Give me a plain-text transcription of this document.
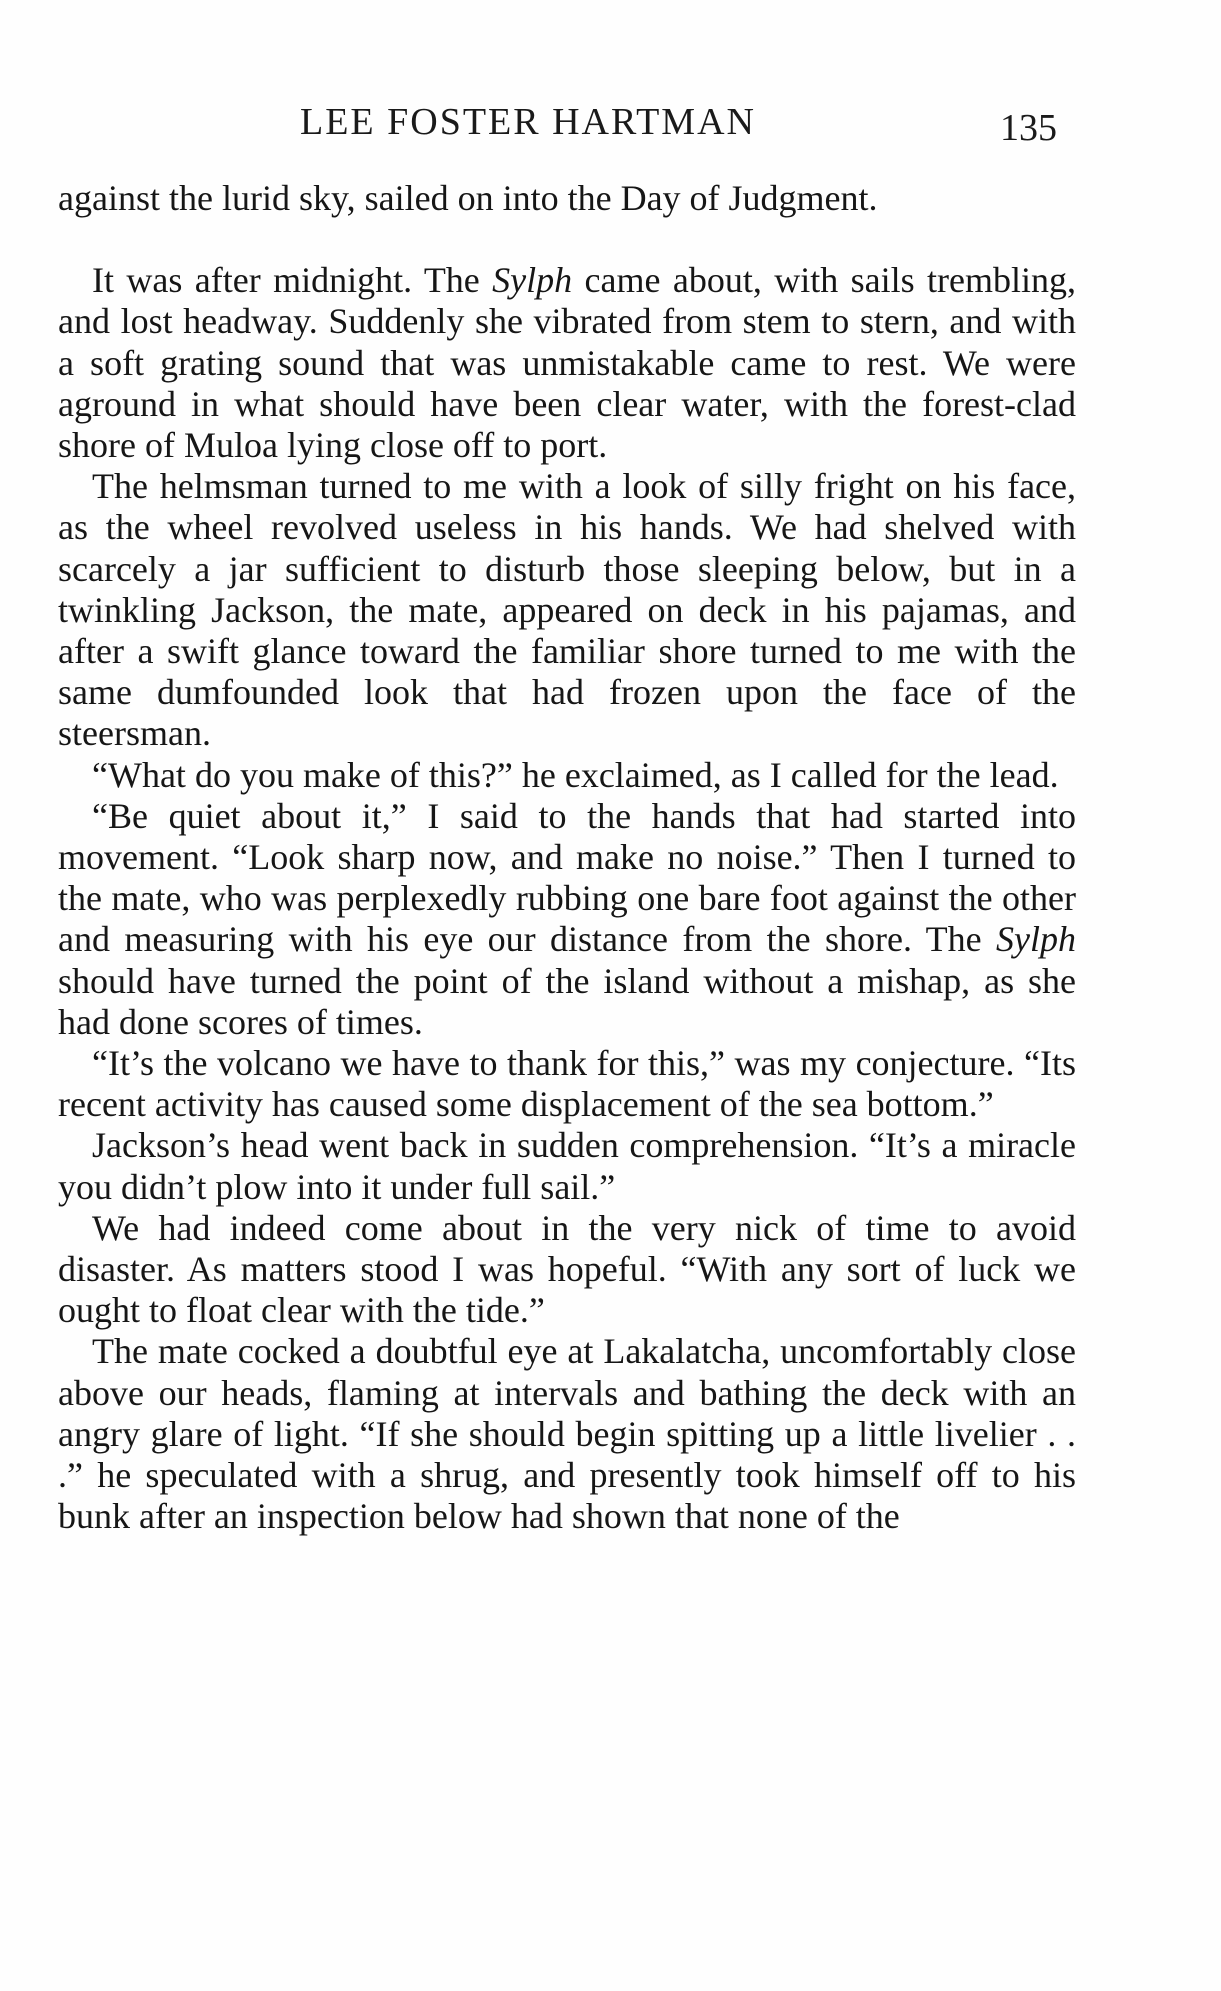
LEE FOSTER HARTMAN	135

against the lurid sky, sailed on into the Day of Judgment.

It was after midnight. The Sylph came about, with sails trembling, and lost headway. Suddenly she vibrated from stem to stern, and with a soft grating sound that was unmistakable came to rest. We were aground in what should have been clear water, with the forest-clad shore of Muloa lying close off to port.

The helmsman turned to me with a look of silly fright on his face, as the wheel revolved useless in his hands. We had shelved with scarcely a jar sufficient to disturb those sleeping below, but in a twinkling Jackson, the mate, appeared on deck in his pajamas, and after a swift glance toward the familiar shore turned to me with the same dumfounded look that had frozen upon the face of the steersman.

“What do you make of this?” he exclaimed, as I called for the lead.

“Be quiet about it,” I said to the hands that had started into movement. “Look sharp now, and make no noise.” Then I turned to the mate, who was perplexedly rubbing one bare foot against the other and measuring with his eye our distance from the shore. The Sylph should have turned the point of the island without a mishap, as she had done scores of times.

“It’s the volcano we have to thank for this,” was my conjecture. “Its recent activity has caused some displacement of the sea bottom.”

Jackson’s head went back in sudden comprehension. “It’s a miracle you didn’t plow into it under full sail.”

We had indeed come about in the very nick of time to avoid disaster. As matters stood I was hopeful. “With any sort of luck we ought to float clear with the tide.”

The mate cocked a doubtful eye at Lakalatcha, uncomfortably close above our heads, flaming at intervals and bathing the deck with an angry glare of light. “If she should begin spitting up a little livelier . . .” he speculated with a shrug, and presently took himself off to his bunk after an inspection below had shown that none of the
